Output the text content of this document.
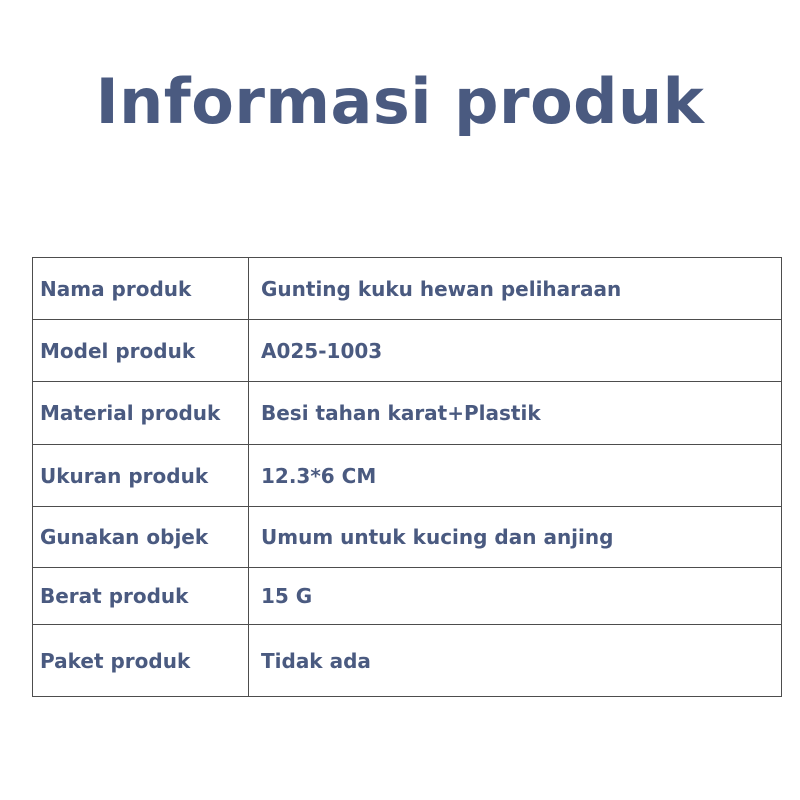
Informasi produk
Nama produk	Gunting kuku hewan peliharaan
Model produk	A025-1003
Material produk	Besi tahan karat+Plastik
Ukuran produk	12.3*6 CM
Gunakan objek	Umum untuk kucing dan anjing
Berat produk	15 G
Paket produk	Tidak ada
